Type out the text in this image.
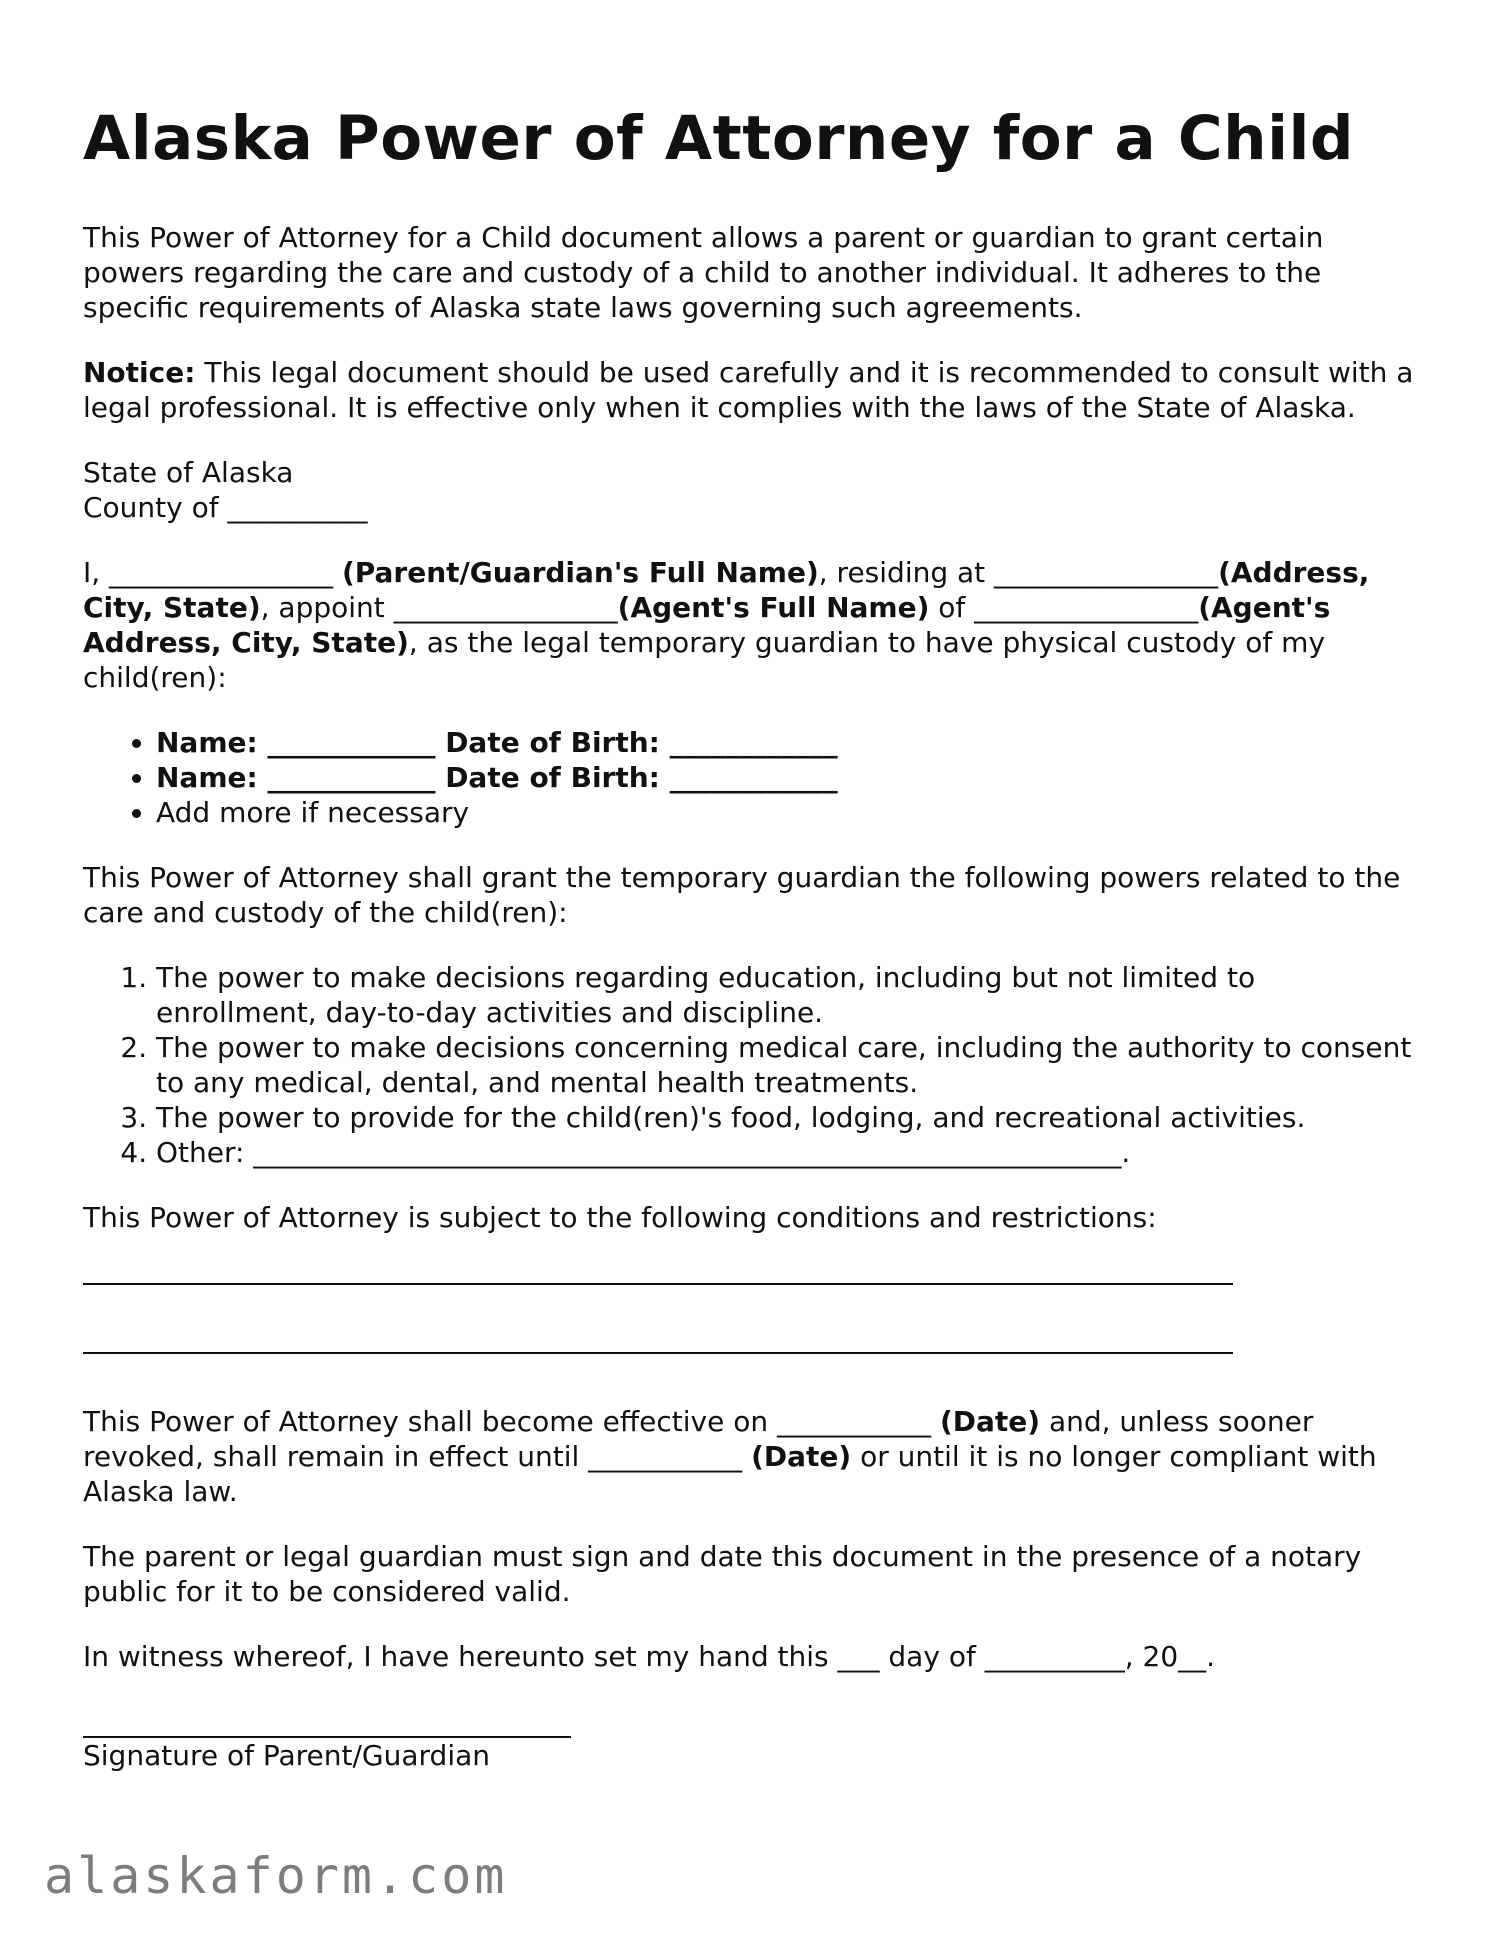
Alaska Power of Attorney for a Child

This Power of Attorney for a Child document allows a parent or guardian to grant certain powers regarding the care and custody of a child to another individual. It adheres to the specific requirements of Alaska state laws governing such agreements.

Notice: This legal document should be used carefully and it is recommended to consult with a legal professional. It is effective only when it complies with the laws of the State of Alaska.

State of Alaska
County of __________

I, ________________ (Parent/Guardian's Full Name), residing at ________________(Address, City, State), appoint ________________(Agent's Full Name) of ________________(Agent's Address, City, State), as the legal temporary guardian to have physical custody of my child(ren):

• Name: ____________ Date of Birth: ____________
• Name: ____________ Date of Birth: ____________
• Add more if necessary

This Power of Attorney shall grant the temporary guardian the following powers related to the care and custody of the child(ren):

1. The power to make decisions regarding education, including but not limited to enrollment, day-to-day activities and discipline.
2. The power to make decisions concerning medical care, including the authority to consent to any medical, dental, and mental health treatments.
3. The power to provide for the child(ren)'s food, lodging, and recreational activities.
4. Other: ______________________________________________________________.

This Power of Attorney is subject to the following conditions and restrictions:

This Power of Attorney shall become effective on ___________ (Date) and, unless sooner revoked, shall remain in effect until ___________ (Date) or until it is no longer compliant with Alaska law.

The parent or legal guardian must sign and date this document in the presence of a notary public for it to be considered valid.

In witness whereof, I have hereunto set my hand this ___ day of __________, 20__.

Signature of Parent/Guardian
alaskaform.com
